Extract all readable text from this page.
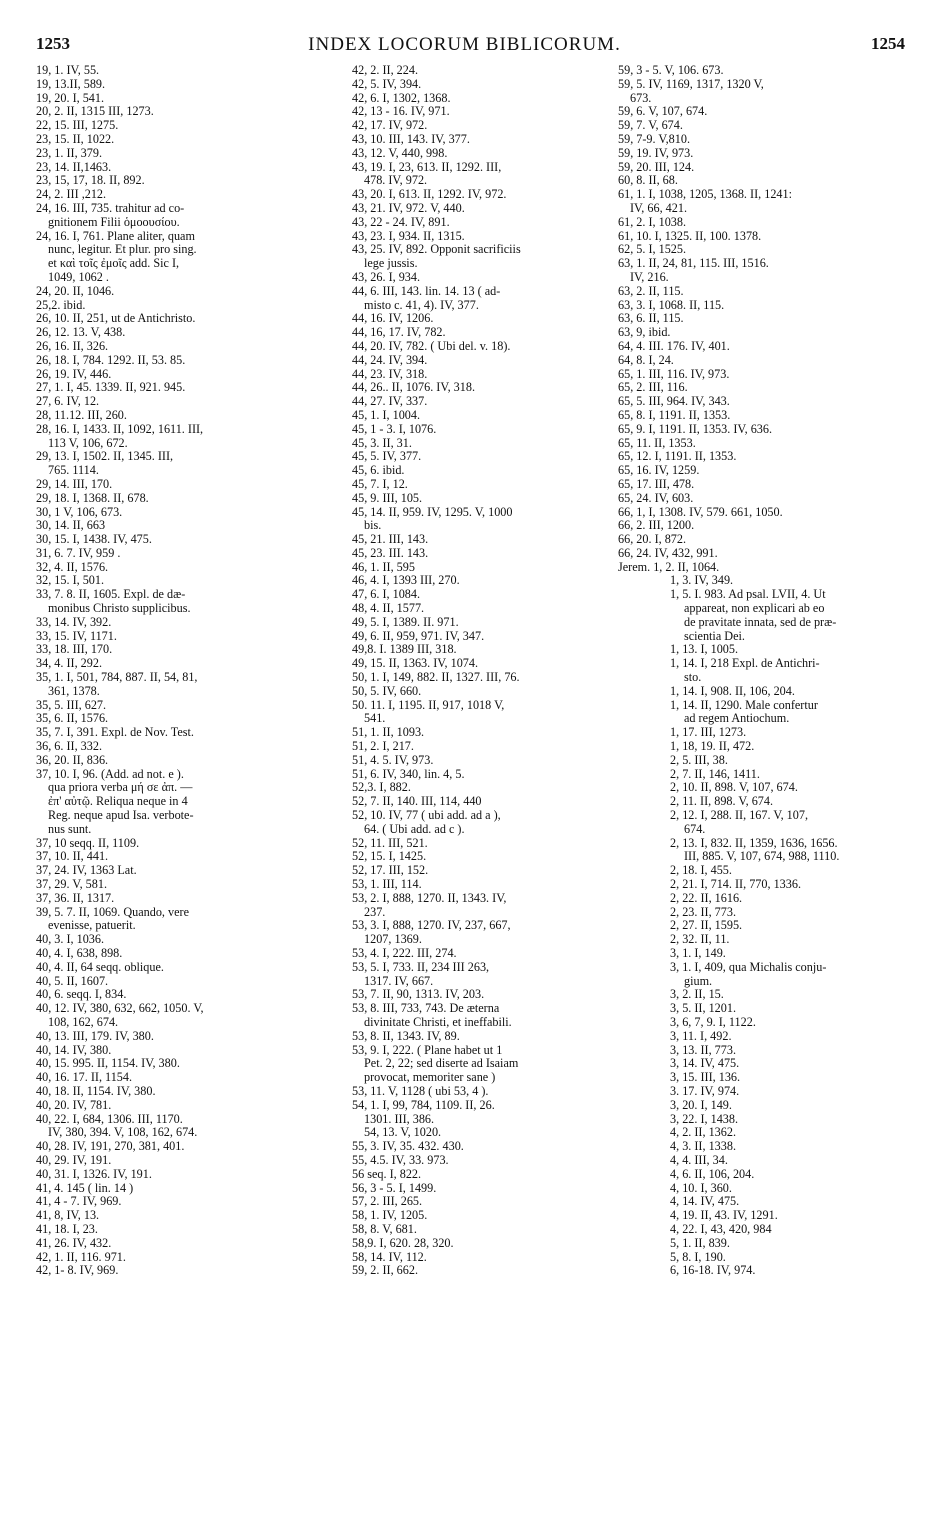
1253	INDEX LOCORUM BIBLICORUM.	1254
19, 1. IV, 55.
19, 13.II, 589.
19, 20. I, 541.
20, 2. II, 1315 III, 1273.
22, 15. III, 1275.
23, 15. II, 1022.
23, 1. II, 379.
23, 14. II,1463.
23, 15, 17, 18. II, 892.
24, 2. III ,212.
24, 16. III, 735. trahitur ad co-
gnitionem Filii ὁμοουσίου.
24, 16. I, 761. Plane aliter, quam
nunc, legitur. Et plur. pro sing.
et καὶ τοῖς ἐμοῖς add. Sic I,
1049, 1062 .
24, 20. II, 1046.
25,2. ibid.
26, 10. II, 251, ut de Antichristo.
26, 12. 13. V, 438.
26, 16. II, 326.
26, 18. I, 784. 1292. II, 53. 85.
26, 19. IV, 446.
27, 1. I, 45. 1339. II, 921. 945.
27, 6. IV, 12.
28, 11.12. III, 260.
28, 16. I, 1433. II, 1092, 1611. III,
113 V, 106, 672.
29, 13. I, 1502. II, 1345. III,
765. 1114.
29, 14. III, 170.
29, 18. I, 1368. II, 678.
30, 1 V, 106, 673.
30, 14. II, 663
30, 15. I, 1438. IV, 475.
31, 6. 7. IV, 959 .
32, 4. II, 1576.
32, 15. I, 501.
33, 7. 8. II, 1605. Expl. de dæ-
monibus Christo supplicibus.
33, 14. IV, 392.
33, 15. IV, 1171.
33, 18. III, 170.
34, 4. II, 292.
35, 1. I, 501, 784, 887. II, 54, 81,
361, 1378.
35, 5. III, 627.
35, 6. II, 1576.
35, 7. I, 391. Expl. de Nov. Test.
36, 6. II, 332.
36, 20. II, 836.
37, 10. I, 96. (Add. ad not. e ).
qua priora verba μή σε ἀπ. —
ἐπ' αὐτῷ. Reliqua neque in 4
Reg. neque apud Isa. verbote-
nus sunt.
37, 10 seqq. II, 1109.
37, 10. II, 441.
37, 24. IV, 1363 Lat.
37, 29. V, 581.
37, 36. II, 1317.
39, 5. 7. II, 1069. Quando, vere
evenisse, patuerit.
40, 3. I, 1036.
40, 4. I, 638, 898.
40, 4. II, 64 seqq. oblique.
40, 5. II, 1607.
40, 6. seqq. I, 834.
40, 12. IV, 380, 632, 662, 1050. V,
108, 162, 674.
40, 13. III, 179. IV, 380.
40, 14. IV, 380.
40, 15. 995. II, 1154. IV, 380.
40, 16. 17. II, 1154.
40, 18. II, 1154. IV, 380.
40, 20. IV, 781.
40, 22. I, 684, 1306. III, 1170.
IV, 380, 394. V, 108, 162, 674.
40, 28. IV, 191, 270, 381, 401.
40, 29. IV, 191.
40, 31. I, 1326. IV, 191.
41, 4. 145 ( lin. 14 )
41, 4 - 7. IV, 969.
41, 8, IV, 13.
41, 18. I, 23.
41, 26. IV, 432.
42, 1. II, 116. 971.
42, 1- 8. IV, 969.
42, 2. II, 224.
42, 5. IV, 394.
42, 6. I, 1302, 1368.
42, 13 - 16. IV, 971.
42, 17. IV, 972.
43, 10. III, 143. IV, 377.
43, 12. V, 440, 998.
43, 19. I, 23, 613. II, 1292. III,
478. IV, 972.
43, 20. I, 613. II, 1292. IV, 972.
43, 21. IV, 972. V, 440.
43, 22 - 24. IV, 891.
43, 23. I, 934. II, 1315.
43, 25. IV, 892. Opponit sacrificiis
lege jussis.
43, 26. I, 934.
44, 6. III, 143. lin. 14. 13 ( ad-
misto c. 41, 4). IV, 377.
44, 16. IV, 1206.
44, 16, 17. IV, 782.
44, 20. IV, 782. ( Ubi del. v. 18).
44, 24. IV, 394.
44, 23. IV, 318.
44, 26.. II, 1076. IV, 318.
44, 27. IV, 337.
45, 1. I, 1004.
45, 1 - 3. I, 1076.
45, 3. II, 31.
45, 5. IV, 377.
45, 6. ibid.
45, 7. I, 12.
45, 9. III, 105.
45, 14. II, 959. IV, 1295. V, 1000
bis.
45, 21. III, 143.
45, 23. III. 143.
46, 1. II, 595
46, 4. I, 1393 III, 270.
47, 6. I, 1084.
48, 4. II, 1577.
49, 5. I, 1389. II. 971.
49, 6. II, 959, 971. IV, 347.
49,8. I. 1389 III, 318.
49, 15. II, 1363. IV, 1074.
50, 1. I, 149, 882. II, 1327. III, 76.
50, 5. IV, 660.
50. 11. I, 1195. II, 917, 1018 V,
541.
51, 1. II, 1093.
51, 2. I, 217.
51, 4. 5. IV, 973.
51, 6. IV, 340, lin. 4, 5.
52,3. I, 882.
52, 7. II, 140. III, 114, 440
52, 10. IV, 77 ( ubi add. ad a ),
64. ( Ubi add. ad c ).
52, 11. III, 521.
52, 15. I, 1425.
52, 17. III, 152.
53, 1. III, 114.
53, 2. I, 888, 1270. II, 1343. IV,
237.
53, 3. I, 888, 1270. IV, 237, 667,
1207, 1369.
53, 4. I, 222. III, 274.
53, 5. I, 733. II, 234 III 263,
1317. IV, 667.
53, 7. II, 90, 1313. IV, 203.
53, 8. III, 733, 743. De æterna
divinitate Christi, et ineffabili.
53, 8. II, 1343. IV, 89.
53, 9. I, 222. ( Plane habet ut 1
Pet. 2, 22; sed diserte ad Isaiam
provocat, memoriter sane )
53, 11. V, 1128 ( ubi 53, 4 ).
54, 1. I, 99, 784, 1109. II, 26.
1301. III, 386.
54, 13. V, 1020.
55, 3. IV, 35. 432. 430.
55, 4.5. IV, 33. 973.
56 seq. I, 822.
56, 3 - 5. I, 1499.
57, 2. III, 265.
58, 1. IV, 1205.
58, 8. V, 681.
58,9. I, 620. 28, 320.
58, 14. IV, 112.
59, 2. II, 662.
59, 3 - 5. V, 106. 673.
59, 5. IV, 1169, 1317, 1320 V,
673.
59, 6. V, 107, 674.
59, 7. V, 674.
59, 7-9. V,810.
59, 19. IV, 973.
59, 20. III, 124.
60, 8. II, 68.
61, 1. I, 1038, 1205, 1368. II, 1241:
IV, 66, 421.
61, 2. I, 1038.
61, 10. I, 1325. II, 100. 1378.
62, 5. I, 1525.
63, 1. II, 24, 81, 115. III, 1516.
IV, 216.
63, 2. II, 115.
63, 3. I, 1068. II, 115.
63, 6. II, 115.
63, 9, ibid.
64, 4. III. 176. IV, 401.
64, 8. I, 24.
65, 1. III, 116. IV, 973.
65, 2. III, 116.
65, 5. III, 964. IV, 343.
65, 8. I, 1191. II, 1353.
65, 9. I, 1191. II, 1353. IV, 636.
65, 11. II, 1353.
65, 12. I, 1191. II, 1353.
65, 16. IV, 1259.
65, 17. III, 478.
65, 24. IV, 603.
66, 1, I, 1308. IV, 579. 661, 1050.
66, 2. III, 1200.
66, 20. I, 872.
66, 24. IV, 432, 991.
Jerem. 1, 2. II, 1064.
1, 3. IV, 349.
1, 5. I. 983. Ad psal. LVII, 4. Ut
appareat, non explicari ab eo
de pravitate innata, sed de præ-
scientia Dei.
1, 13. I, 1005.
1, 14. I, 218 Expl. de Antichri-
sto.
1, 14. I, 908. II, 106, 204.
1, 14. II, 1290. Male confertur
ad regem Antiochum.
1, 17. III, 1273.
1, 18, 19. II, 472.
2, 5. III, 38.
2, 7. II, 146, 1411.
2, 10. II, 898. V, 107, 674.
2, 11. II, 898. V, 674.
2, 12. I, 288. II, 167. V, 107,
674.
2, 13. I, 832. II, 1359, 1636, 1656.
III, 885. V, 107, 674, 988, 1110.
2, 18. I, 455.
2, 21. I, 714. II, 770, 1336.
2, 22. II, 1616.
2, 23. II, 773.
2, 27. II, 1595.
2, 32. II, 11.
3, 1. I, 149.
3, 1. I, 409, qua Michalis conju-
gium.
3, 2. II, 15.
3, 5. II, 1201.
3, 6, 7, 9. I, 1122.
3, 11. I, 492.
3, 13. II, 773.
3, 14. IV, 475.
3, 15. III, 136.
3. 17. IV, 974.
3, 20. I, 149.
3, 22. I, 1438.
4, 2. II, 1362.
4, 3. II, 1338.
4, 4. III, 34.
4, 6. II, 106, 204.
4, 10. I, 360.
4, 14. IV, 475.
4, 19. II, 43. IV, 1291.
4, 22. I, 43, 420, 984
5, 1. II, 839.
5, 8. I, 190.
6, 16-18. IV, 974.
